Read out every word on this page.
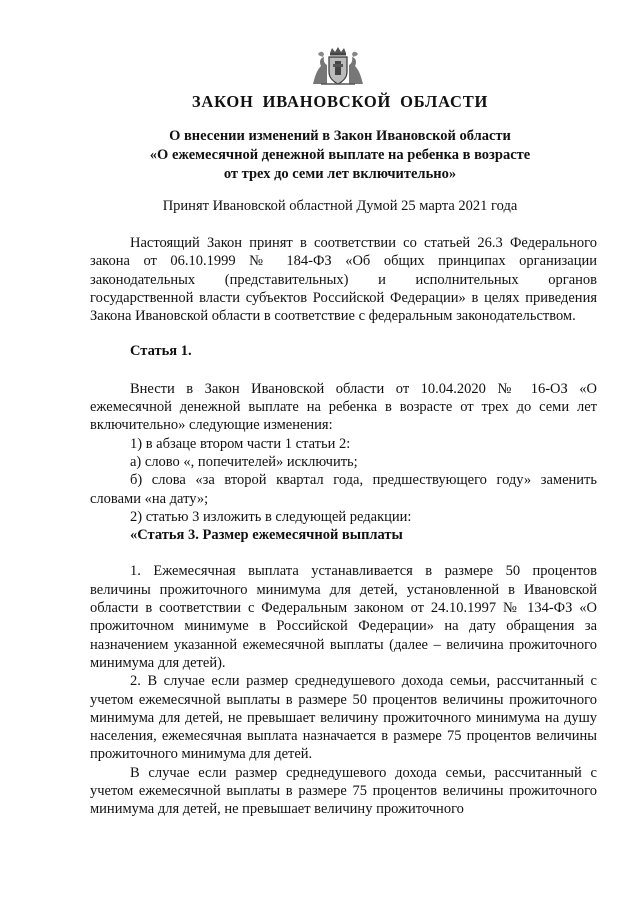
ЗАКОН ИВАНОВСКОЙ ОБЛАСТИ
О внесении изменений в Закон Ивановской области
«О ежемесячной денежной выплате на ребенка в возрасте
от трех до семи лет включительно»
Принят Ивановской областной Думой 25 марта 2021 года

Настоящий Закон принят в соответствии со статьей 26.3 Федерального закона от 06.10.1999 № 184-ФЗ «Об общих принципах организации законодательных (представительных) и исполнительных органов государственной власти субъектов Российской Федерации» в целях приведения Закона Ивановской области в соответствие с федеральным законодательством.

Статья 1.

Внести в Закон Ивановской области от 10.04.2020 № 16-ОЗ «О ежемесячной денежной выплате на ребенка в возрасте от трех до семи лет включительно» следующие изменения:

1) в абзаце втором части 1 статьи 2:

а) слово «, попечителей» исключить;

б) слова «за второй квартал года, предшествующего году» заменить словами «на дату»;

2) статью 3 изложить в следующей редакции:

«Статья 3. Размер ежемесячной выплаты

1. Ежемесячная выплата устанавливается в размере 50 процентов величины прожиточного минимума для детей, установленной в Ивановской области в соответствии с Федеральным законом от 24.10.1997 № 134-ФЗ «О прожиточном минимуме в Российской Федерации» на дату обращения за назначением указанной ежемесячной выплаты (далее – величина прожиточного минимума для детей).

2. В случае если размер среднедушевого дохода семьи, рассчитанный с учетом ежемесячной выплаты в размере 50 процентов величины прожиточного минимума для детей, не превышает величину прожиточного минимума на душу населения, ежемесячная выплата назначается в размере 75 процентов величины прожиточного минимума для детей.

В случае если размер среднедушевого дохода семьи, рассчитанный с учетом ежемесячной выплаты в размере 75 процентов величины прожиточного минимума для детей, не превышает величину прожиточного
